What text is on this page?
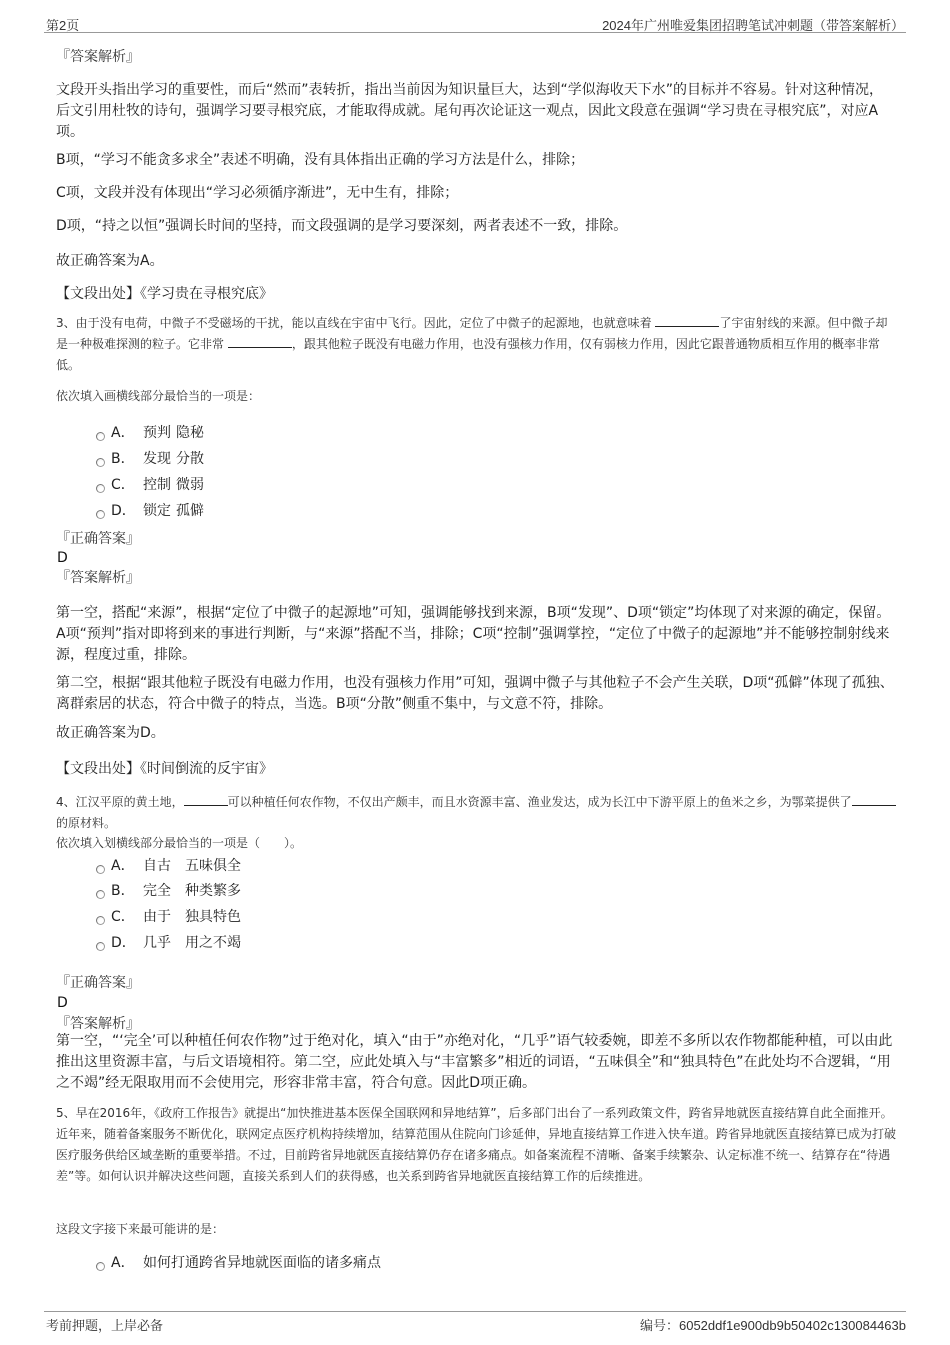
第2页	2024年广州唯爱集团招聘笔试冲刺题（带答案解析）
『答案解析』
文段开头指出学习的重要性，而后“然而”表转折，指出当前因为知识量巨大，达到“学似海收天下水”的目标并不容易。针对这种情况，后文引用杜牧的诗句，强调学习要寻根究底，才能取得成就。尾句再次论证这一观点，因此文段意在强调“学习贵在寻根究底”，对应A项。
B项，“学习不能贪多求全”表述不明确，没有具体指出正确的学习方法是什么，排除；
C项，文段并没有体现出“学习必须循序渐进”，无中生有，排除；
D项，“持之以恒”强调长时间的坚持，而文段强调的是学习要深刻，两者表述不一致，排除。
故正确答案为A。
【文段出处】《学习贵在寻根究底》
3、由于没有电荷，中微子不受磁场的干扰，能以直线在宇宙中飞行。因此，定位了中微子的起源地，也就意味着	了宇宙射线的来源。但中微子却是一种极难探测的粒子。它非常	，跟其他粒子既没有电磁力作用，也没有强核力作用，仅有弱核力作用，因此它跟普通物质相互作用的概率非常低。
依次填入画横线部分最恰当的一项是：
A． 预判 隐秘
B． 发现 分散
C． 控制 微弱
D． 锁定 孤僻
『正确答案』
D
『答案解析』
第一空，搭配“来源”，根据“定位了中微子的起源地”可知，强调能够找到来源，B项“发现”、D项“锁定”均体现了对来源的确定，保留。A项“预判”指对即将到来的事进行判断，与“来源”搭配不当，排除；C项“控制”强调掌控，“定位了中微子的起源地”并不能够控制射线来源，程度过重，排除。
第二空，根据“跟其他粒子既没有电磁力作用，也没有强核力作用”可知，强调中微子与其他粒子不会产生关联，D项“孤僻”体现了孤独、离群索居的状态，符合中微子的特点，当选。B项“分散”侧重不集中，与文意不符，排除。
故正确答案为D。
【文段出处】《时间倒流的反宇宙》
4、江汉平原的黄土地，	可以种植任何农作物，不仅出产颇丰，而且水资源丰富、渔业发达，成为长江中下游平原上的鱼米之乡，为鄂菜提供了的原材料。
依次填入划横线部分最恰当的一项是（　　）。
A． 自古 五味俱全
B． 完全 种类繁多
C． 由于 独具特色
D． 几乎 用之不竭
『正确答案』
D
『答案解析』
第一空，“‘完全’可以种植任何农作物”过于绝对化，填入“由于”亦绝对化，“几乎”语气较委婉，即差不多所以农作物都能种植，可以由此推出这里资源丰富，与后文语境相符。第二空，应此处填入与“丰富繁多”相近的词语，“五味俱全”和“独具特色”在此处均不合逻辑，“用之不竭”经无限取用而不会使用完，形容非常丰富，符合句意。因此D项正确。
5、早在2016年，《政府工作报告》就提出“加快推进基本医保全国联网和异地结算”，后多部门出台了一系列政策文件，跨省异地就医直接结算自此全面推开。近年来，随着备案服务不断优化，联网定点医疗机构持续增加，结算范围从住院向门诊延伸，异地直接结算工作进入快车道。跨省异地就医直接结算已成为打破医疗服务供给区域垄断的重要举措。不过，目前跨省异地就医直接结算仍存在诸多痛点。如备案流程不清晰、备案手续繁杂、认定标准不统一、结算存在“待遇差”等。如何认识并解决这些问题，直接关系到人们的获得感，也关系到跨省异地就医直接结算工作的后续推进。
这段文字接下来最可能讲的是：
A． 如何打通跨省异地就医面临的诸多痛点
考前押题，上岸必备	编号：6052ddf1e900db9b50402c130084463b
